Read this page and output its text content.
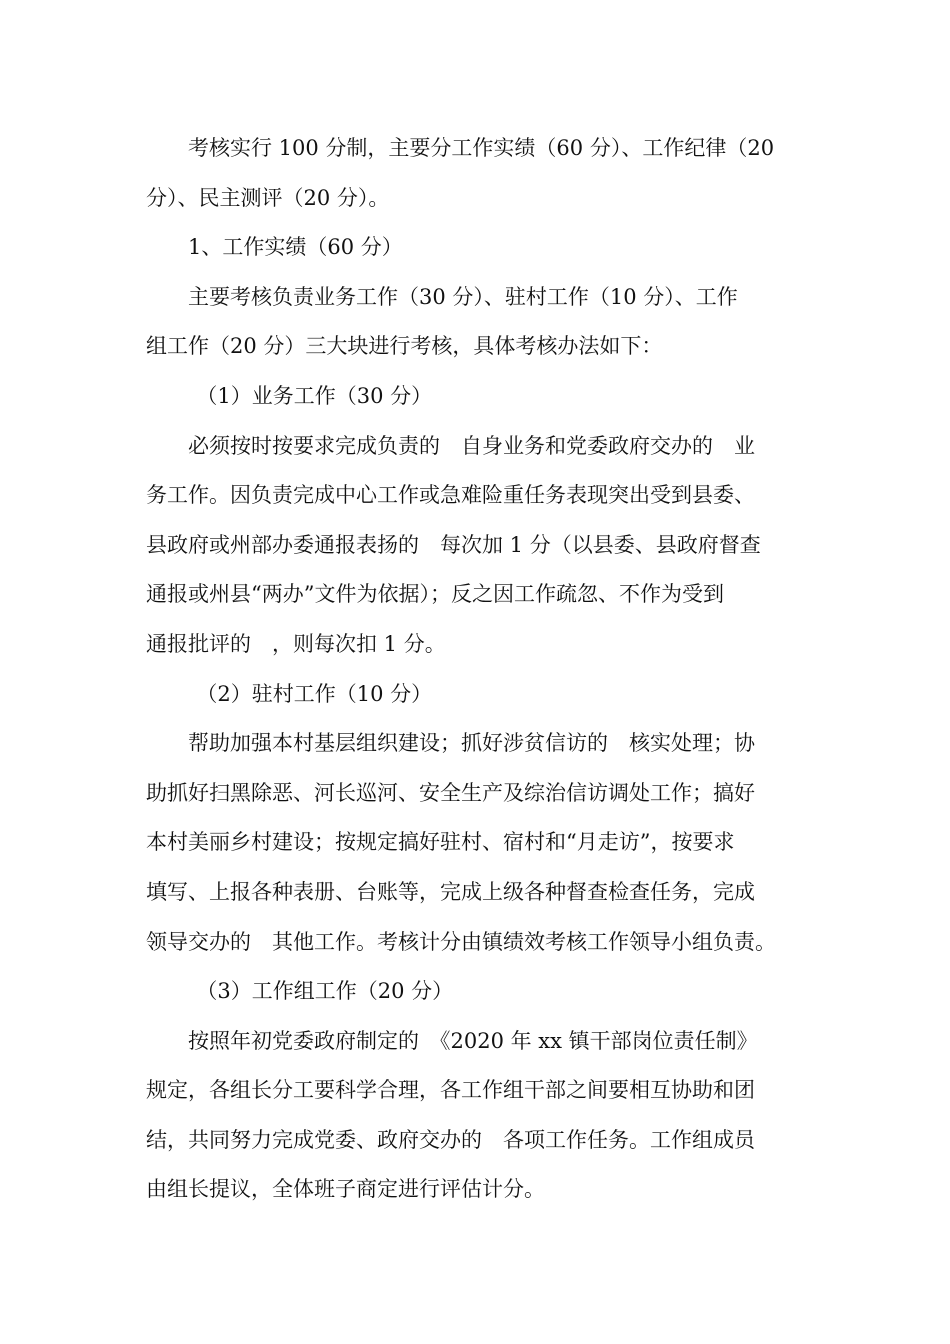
考核实行 100 分制，主要分工作实绩（60 分）、工作纪律（20
分）、民主测评（20 分）。
1、工作实绩（60 分）
主要考核负责业务工作（30 分）、驻村工作（10 分）、工作
组工作（20 分）三大块进行考核，具体考核办法如下：
（1）业务工作（30 分）
必须按时按要求完成负责的　自身业务和党委政府交办的　业
务工作。因负责完成中心工作或急难险重任务表现突出受到县委、
县政府或州部办委通报表扬的　每次加 1 分（以县委、县政府督查
通报或州县“两办”文件为依据）；反之因工作疏忽、不作为受到
通报批评的　，则每次扣 1 分。
（2）驻村工作（10 分）
帮助加强本村基层组织建设；抓好涉贫信访的　核实处理；协
助抓好扫黑除恶、河长巡河、安全生产及综治信访调处工作；搞好
本村美丽乡村建设；按规定搞好驻村、宿村和“月走访”，按要求
填写、上报各种表册、台账等，完成上级各种督查检查任务，完成
领导交办的　其他工作。考核计分由镇绩效考核工作领导小组负责。
（3）工作组工作（20 分）
按照年初党委政府制定的　《2020 年 xx 镇干部岗位责任制》
规定，各组长分工要科学合理，各工作组干部之间要相互协助和团
结，共同努力完成党委、政府交办的　各项工作任务。工作组成员
由组长提议，全体班子商定进行评估计分。
